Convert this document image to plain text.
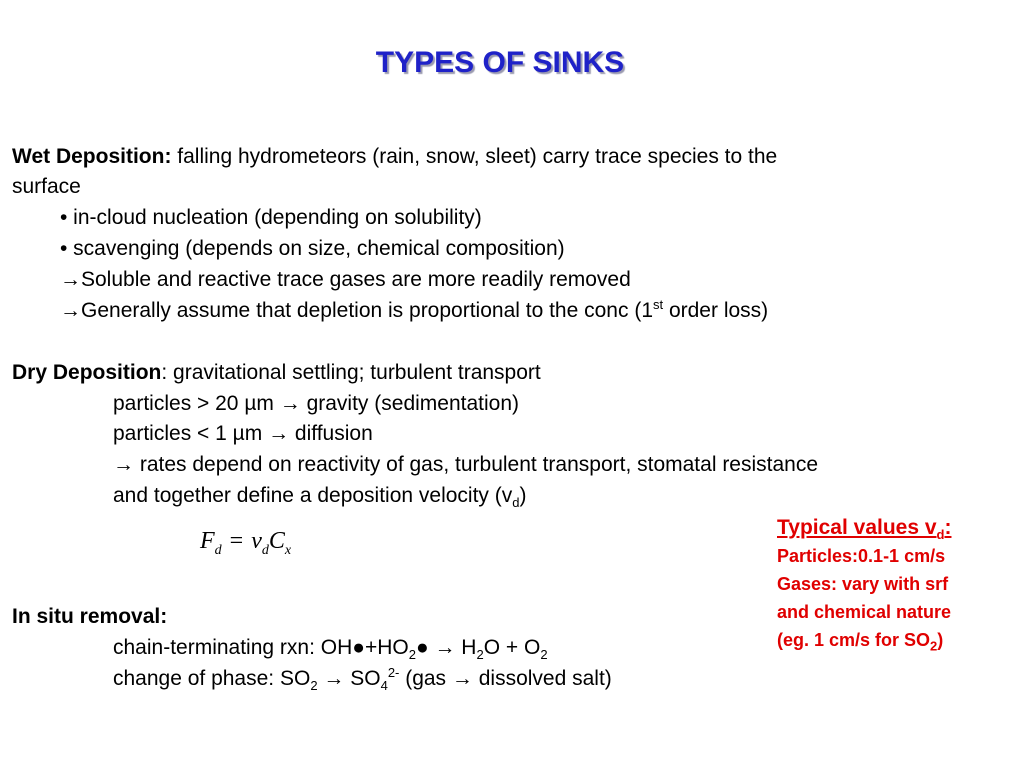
TYPES OF SINKS
Wet Deposition: falling hydrometeors (rain, snow, sleet) carry trace species to the
surface
• in-cloud nucleation (depending on solubility)
• scavenging (depends on size, chemical composition)
→Soluble and reactive trace gases are more readily removed
→Generally assume that depletion is proportional to the conc (1st order loss)
Dry Deposition: gravitational settling; turbulent transport
particles > 20 µm → gravity (sedimentation)
particles < 1 µm → diffusion
→ rates depend on reactivity of gas, turbulent transport, stomatal resistance
and together define a deposition velocity $(v_d)$
$F_d = v_dC_x$
In situ removal:
chain-terminating rxn: $OH●+HO_2● \to H_2O + O_2$
change of phase: $SO_2 \to SO_4^{2-}$ (gas → dissolved salt)
Typical values $v_d$:
Particles:0.1-1 cm/s
Gases: vary with srf
and chemical nature
(eg. 1 cm/s for $SO_2$)
